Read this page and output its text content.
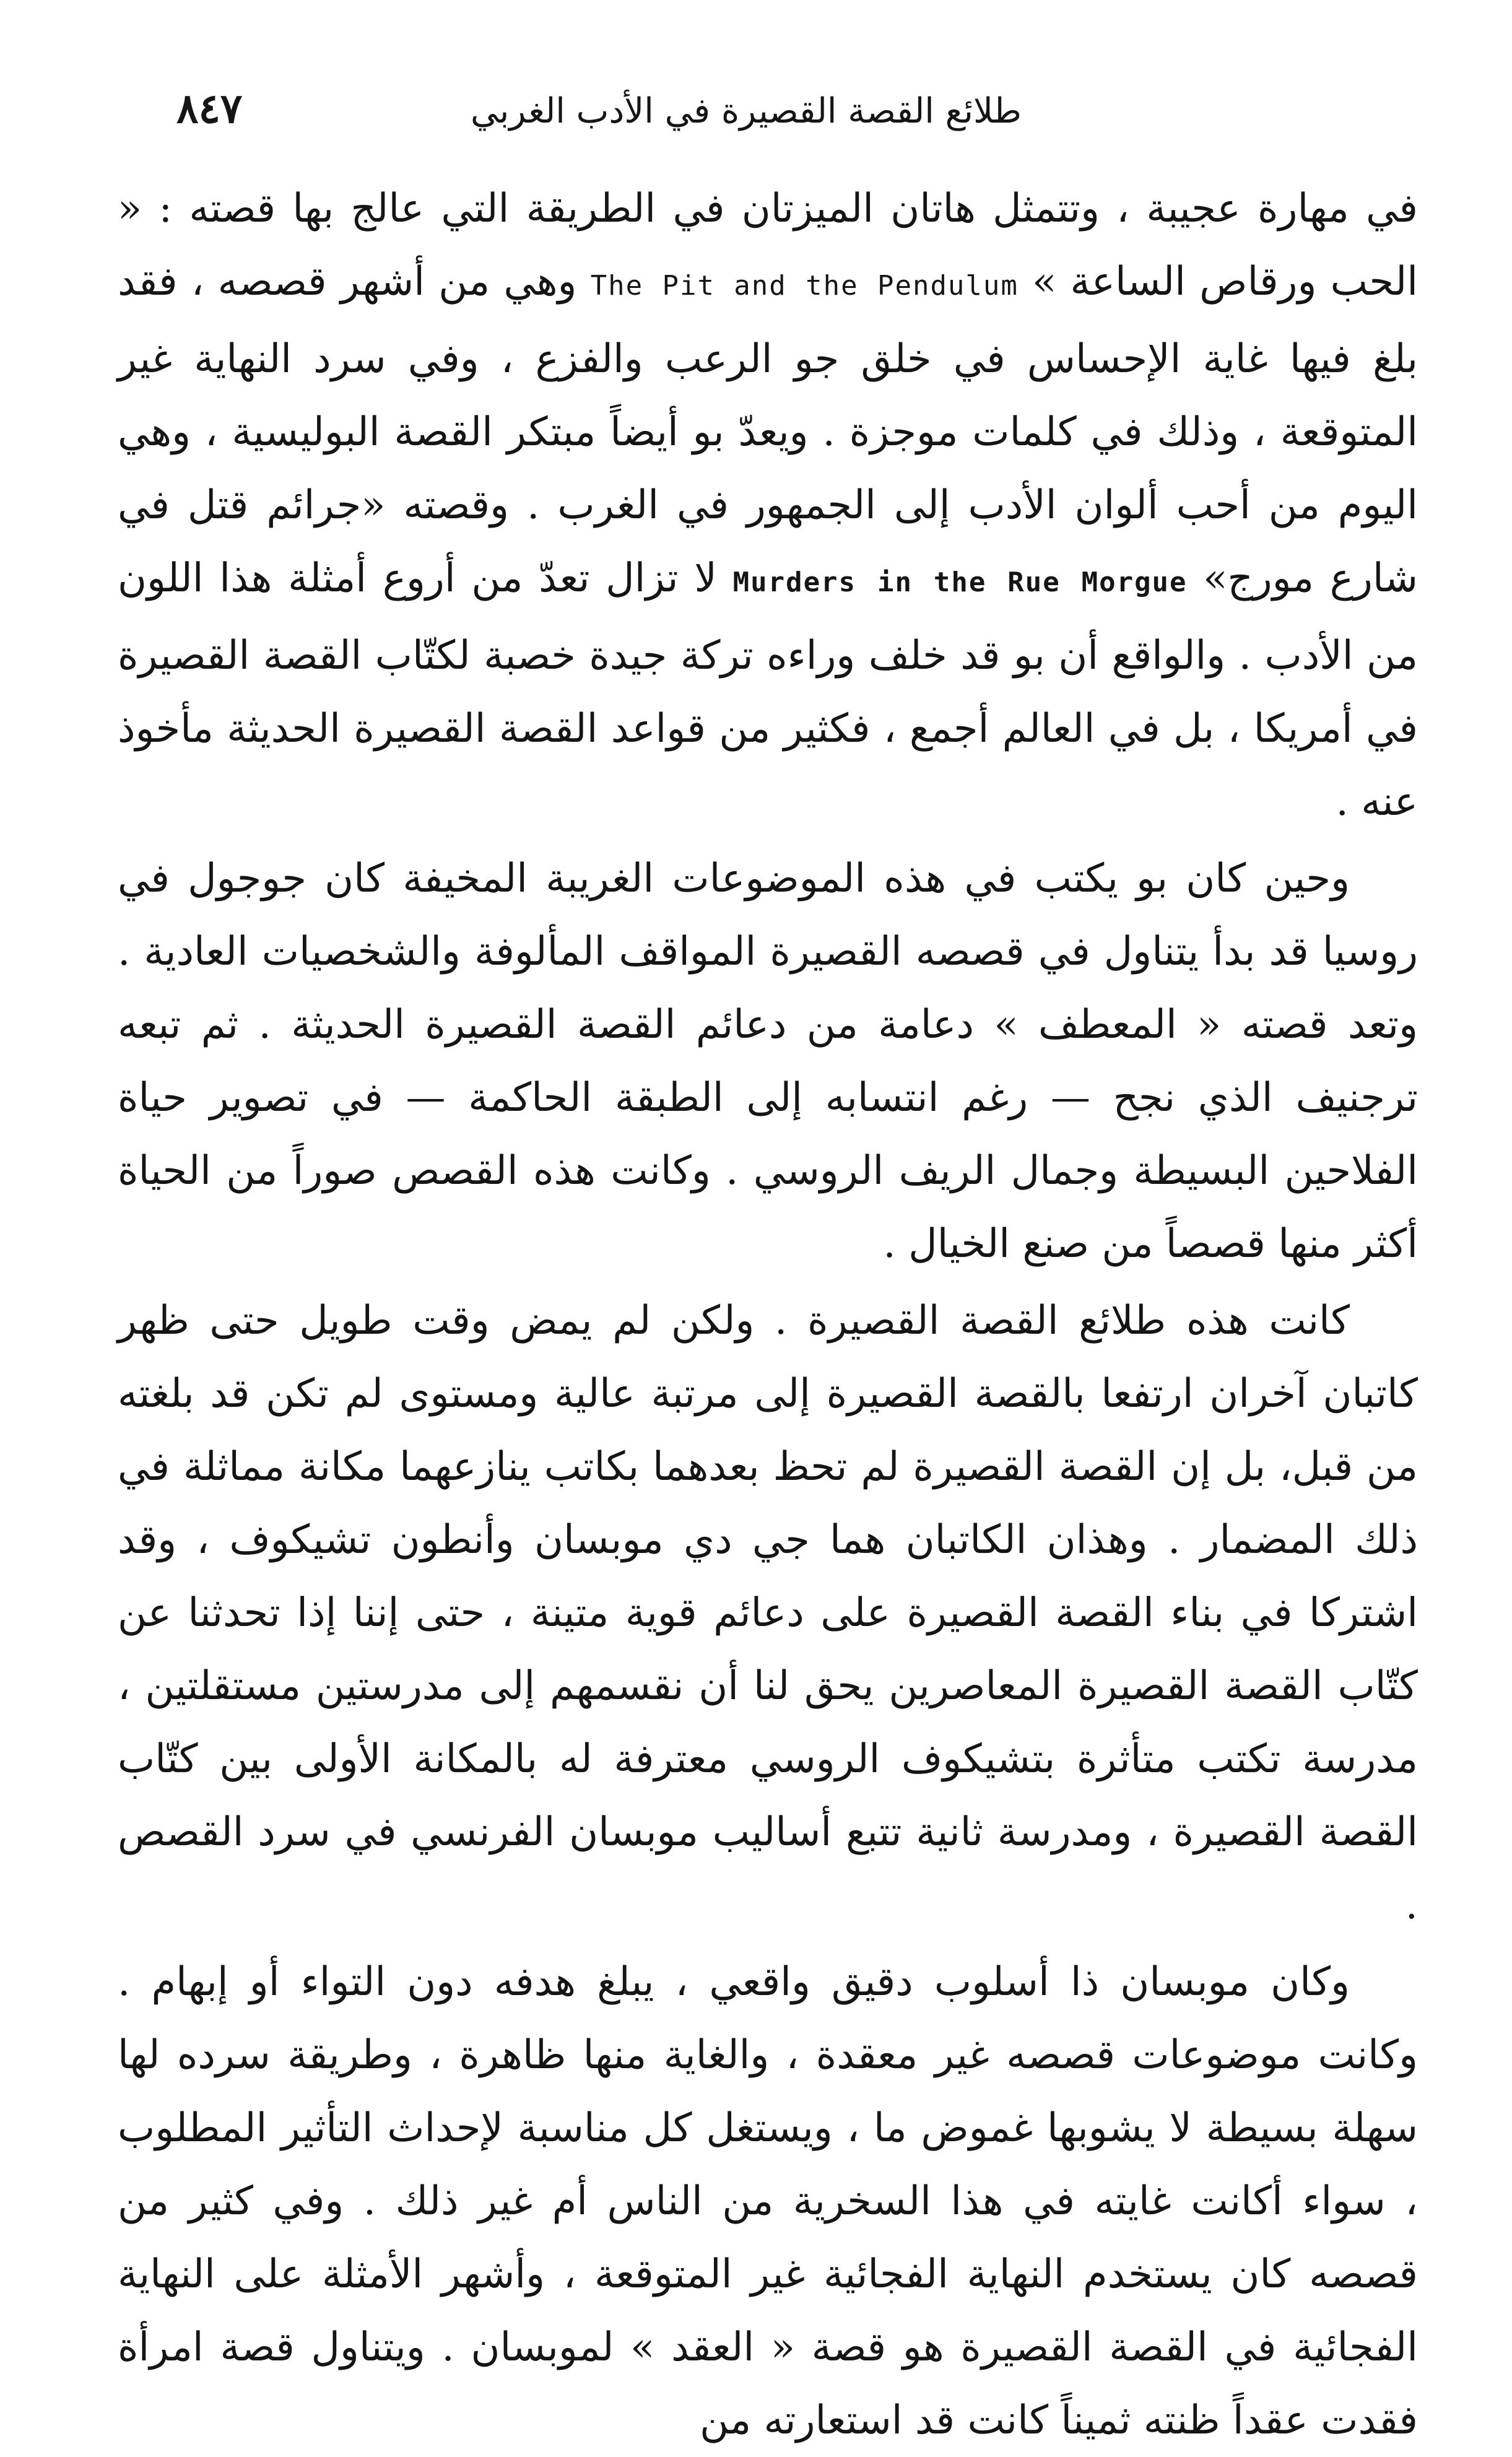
طلائع القصة القصيرة في الأدب الغربي
٨٤٧

في مهارة عجيبة ، وتتمثل هاتان الميزتان في الطريقة التي عالج بها قصته : « الحب ورقاص الساعة » The Pit and the Pendulum وهي من أشهر قصصه ، فقد بلغ فيها غاية الإحساس في خلق جو الرعب والفزع ، وفي سرد النهاية غير المتوقعة ، وذلك في كلمات موجزة . ويعدّ بو أيضاً مبتكر القصة البوليسية ، وهي اليوم من أحب ألوان الأدب إلى الجمهور في الغرب . وقصته «جرائم قتل في شارع مورج» Murders in the Rue Morgue لا تزال تعدّ من أروع أمثلة هذا اللون من الأدب . والواقع أن بو قد خلف وراءه تركة جيدة خصبة لكتّاب القصة القصيرة في أمريكا ، بل في العالم أجمع ، فكثير من قواعد القصة القصيرة الحديثة مأخوذ عنه .

وحين كان بو يكتب في هذه الموضوعات الغريبة المخيفة كان جوجول في روسيا قد بدأ يتناول في قصصه القصيرة المواقف المألوفة والشخصيات العادية . وتعد قصته « المعطف » دعامة من دعائم القصة القصيرة الحديثة . ثم تبعه ترجنيف الذي نجح — رغم انتسابه إلى الطبقة الحاكمة — في تصوير حياة الفلاحين البسيطة وجمال الريف الروسي . وكانت هذه القصص صوراً من الحياة أكثر منها قصصاً من صنع الخيال .

كانت هذه طلائع القصة القصيرة . ولكن لم يمض وقت طويل حتى ظهر كاتبان آخران ارتفعا بالقصة القصيرة إلى مرتبة عالية ومستوى لم تكن قد بلغته من قبل، بل إن القصة القصيرة لم تحظ بعدهما بكاتب ينازعهما مكانة مماثلة في ذلك المضمار . وهذان الكاتبان هما جي دي موبسان وأنطون تشيكوف ، وقد اشتركا في بناء القصة القصيرة على دعائم قوية متينة ، حتى إننا إذا تحدثنا عن كتّاب القصة القصيرة المعاصرين يحق لنا أن نقسمهم إلى مدرستين مستقلتين ، مدرسة تكتب متأثرة بتشيكوف الروسي معترفة له بالمكانة الأولى بين كتّاب القصة القصيرة ، ومدرسة ثانية تتبع أساليب موبسان الفرنسي في سرد القصص .

وكان موبسان ذا أسلوب دقيق واقعي ، يبلغ هدفه دون التواء أو إبهام . وكانت موضوعات قصصه غير معقدة ، والغاية منها ظاهرة ، وطريقة سرده لها سهلة بسيطة لا يشوبها غموض ما ، ويستغل كل مناسبة لإحداث التأثير المطلوب ، سواء أكانت غايته في هذا السخرية من الناس أم غير ذلك . وفي كثير من قصصه كان يستخدم النهاية الفجائية غير المتوقعة ، وأشهر الأمثلة على النهاية الفجائية في القصة القصيرة هو قصة « العقد » لموبسان . ويتناول قصة امرأة فقدت عقداً ظنته ثميناً كانت قد استعارته من
